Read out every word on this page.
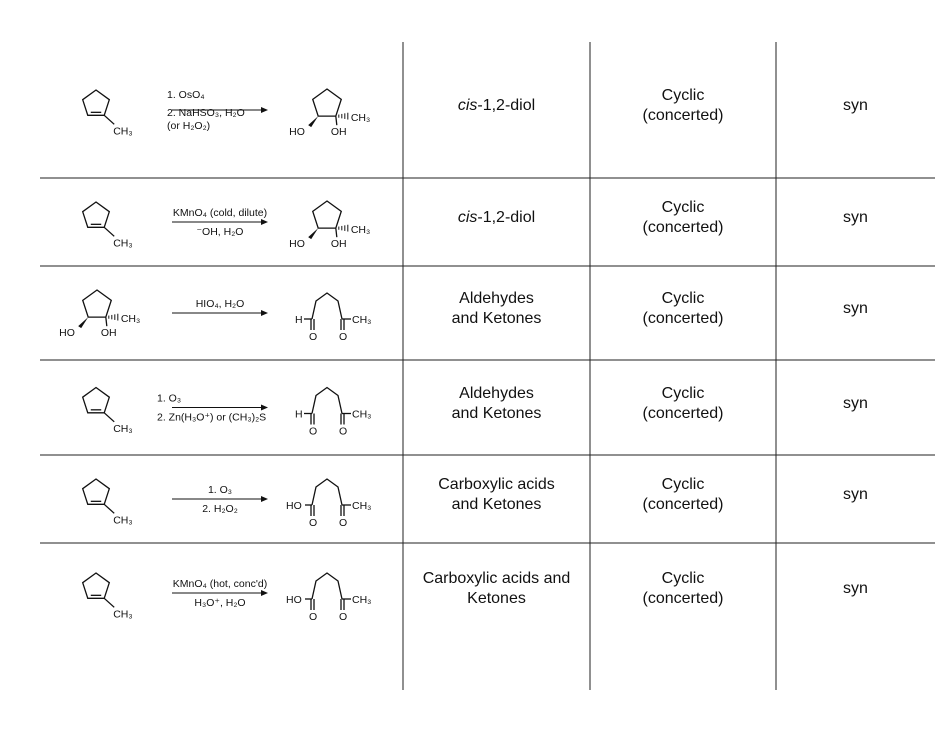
CH₃
1. OsO₄
2. NaHSO₃, H₂O
(or H₂O₂)
HO OH
CH₃
CH₃
KMnO₄ (cold, dilute)
⁻OH, H₂O
HO OH
CH₃
HO OH
CH₃
HIO₄, H₂O
O
H
O
CH₃
CH₃
1. O₃
2. Zn(H₃O⁺) or (CH₃)₂S
O
H
O
CH₃
CH₃
1. O₃
2. H₂O₂
O
HO
O
CH₃
CH₃
KMnO₄ (hot, conc'd)
H₃O⁺, H₂O
O
HO
O
CH₃
cis-1,2-diol
Cyclic
(concerted)
syn
cis-1,2-diol
Cyclic
(concerted)
syn
Aldehydes
and Ketones
Cyclic
(concerted)
syn
Aldehydes
and Ketones
Cyclic
(concerted)
syn
Carboxylic acids
and Ketones
Cyclic
(concerted)
syn
Carboxylic acids and
Ketones
Cyclic
(concerted)
syn
